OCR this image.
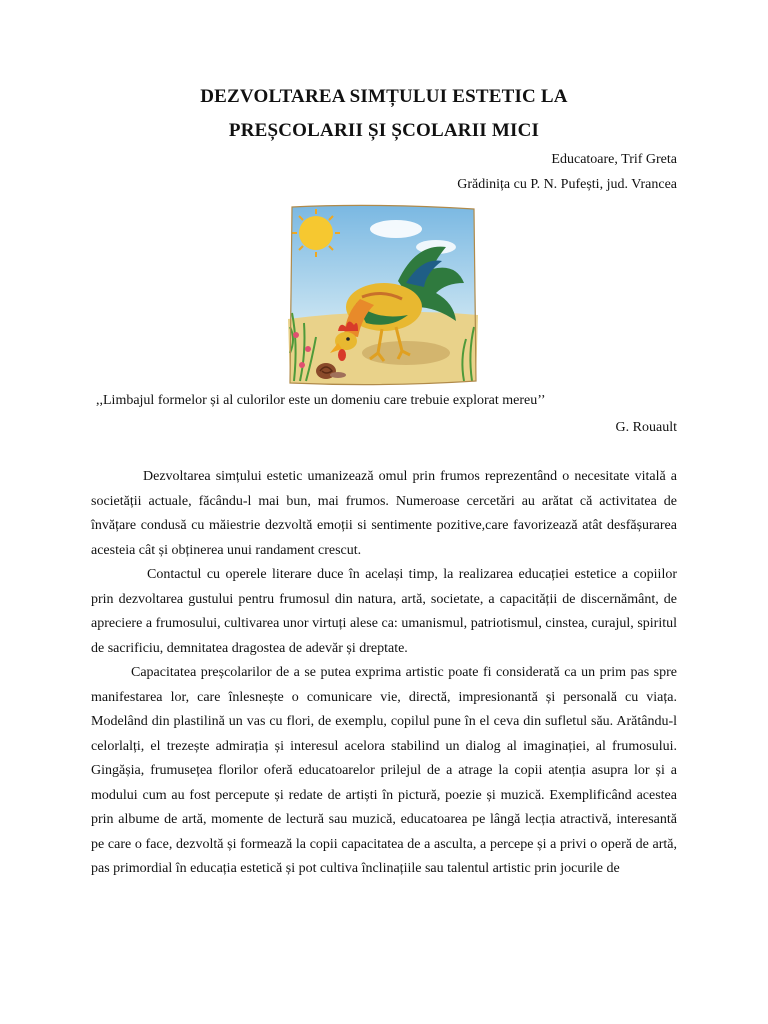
DEZVOLTAREA SIMȚULUI ESTETIC LA
PREȘCOLARII ȘI ȘCOLARII MICI
Educatoare, Trif Greta
Grădinița cu P. N. Pufești, jud. Vrancea
,,Limbajul formelor și al culorilor este un domeniu care trebuie explorat mereu’’
G. Rouault

Dezvoltarea simțului estetic umanizează omul prin frumos reprezentând o necesitate vitală a societății actuale, făcându-l mai bun, mai frumos. Numeroase cercetări au arătat că activitatea de învățare condusă cu măiestrie dezvoltă emoții si sentimente pozitive,care favorizează atât desfășurarea acesteia cât și obținerea unui randament crescut.

Contactul cu operele literare duce în același timp, la realizarea educației estetice a copiilor prin dezvoltarea gustului pentru frumosul din natura, artă, societate, a capacității de discernământ, de apreciere a frumosului, cultivarea unor virtuți alese ca: umanismul, patriotismul, cinstea, curajul, spiritul de sacrificiu, demnitatea dragostea de adevăr și dreptate.

Capacitatea preșcolarilor de a se putea exprima artistic poate fi considerată ca un prim pas spre manifestarea lor, care înlesnește o comunicare vie, directă, impresionantă și personală cu viața. Modelând din plastilină un vas cu flori, de exemplu, copilul pune în el ceva din sufletul său. Arătându-l celorlalți, el trezește admirația și interesul acelora stabilind un dialog al imaginației, al frumosului. Gingășia, frumusețea florilor oferă educatoarelor prilejul de a atrage la copii atenția asupra lor și a modului cum au fost percepute și redate de artiști în pictură, poezie și muzică. Exemplificând acestea prin albume de artă, momente de lectură sau muzică, educatoarea pe lângă lecția atractivă, interesantă pe care o face, dezvoltă și formează la copii capacitatea de a asculta, a percepe și a privi o operă de artă, pas primordial în educația estetică și pot cultiva înclinațiile sau talentul artistic prin jocurile de
